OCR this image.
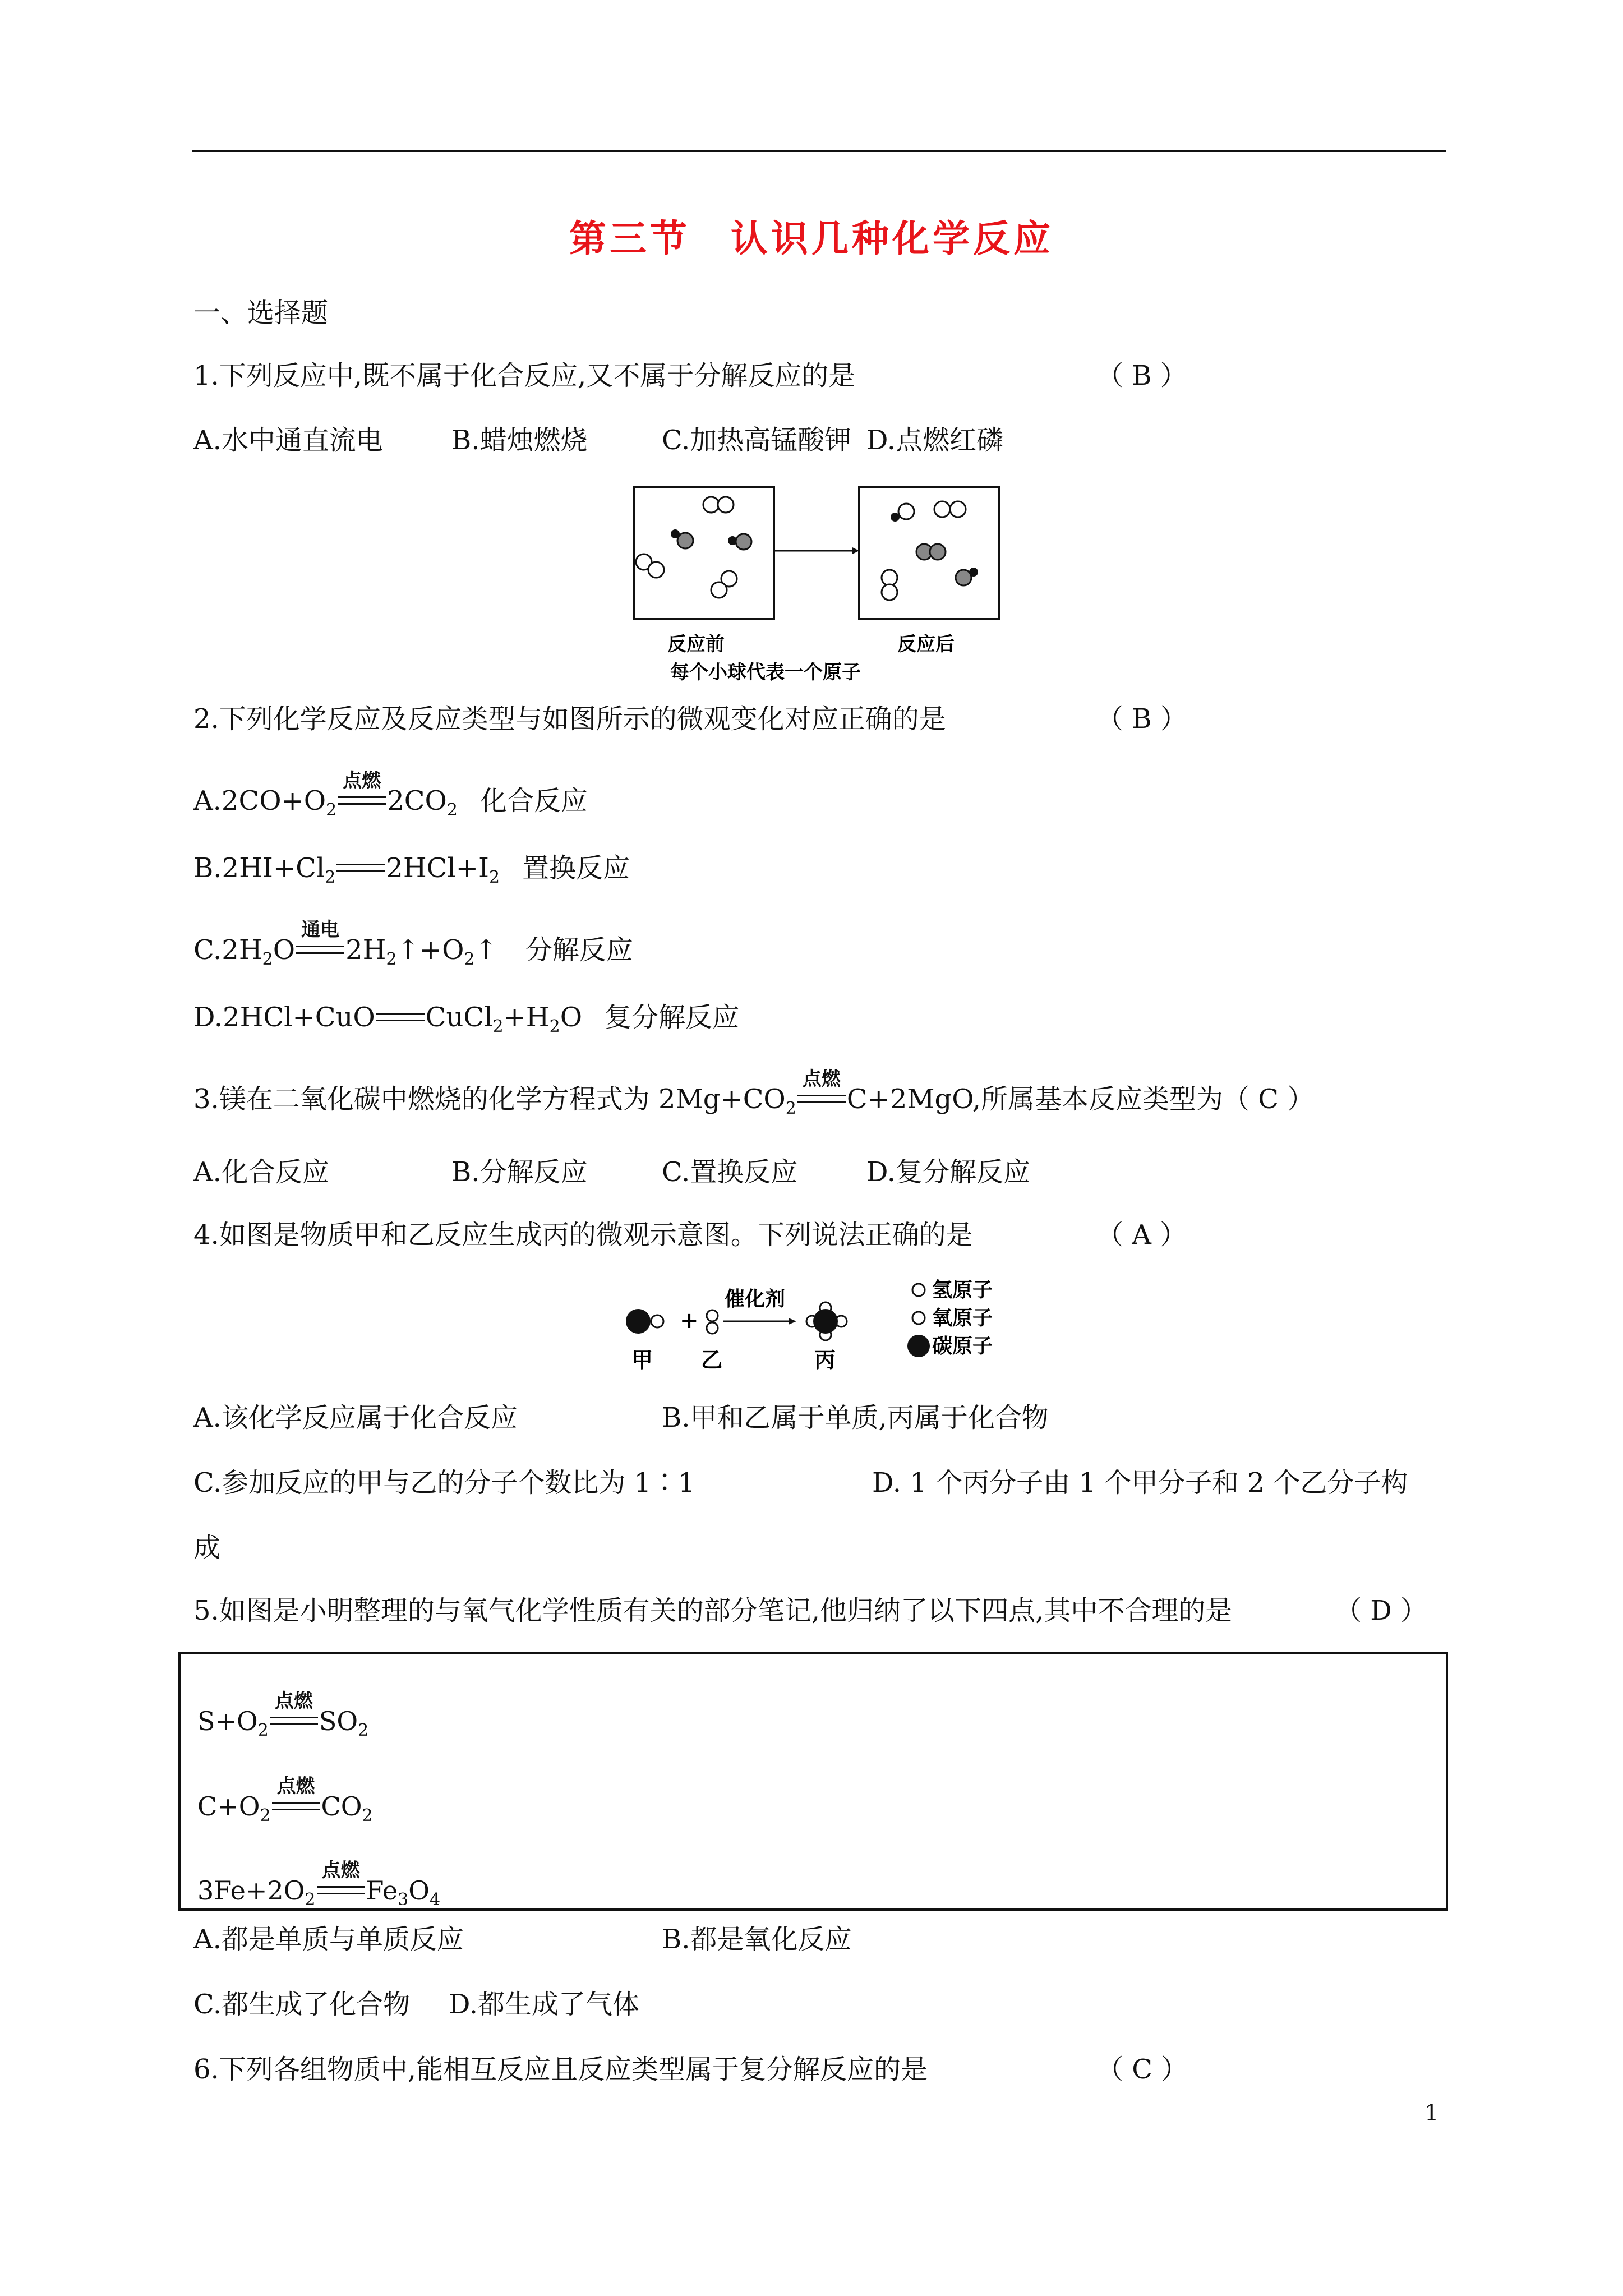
第三节　认识几种化学反应
一、选择题
1.下列反应中,既不属于化合反应,又不属于分解反应的是	（ B ）
A.水中通直流电	B.蜡烛燃烧	C.加热高锰酸钾 D.点燃红磷
反应前	反应后
每个小球代表一个原子
2.下列化学反应及反应类型与如图所示的微观变化对应正确的是	（ B ）
$A.2CO+O_2$
点燃
$2CO_2$ 化合反应
$B.2HI+Cl_2$ $2HCl+I_2$ 置换反应
$C.2H_2O$
通电
$2H_2↑+O_2↑$ 分解反应
D.2HCl+CuO $CuCl_2+H_2O$ 复分解反应
3.镁在二氧化碳中燃烧的化学方程式为 $2Mg+CO_2$
点燃
C+2MgO,所属基本反应类型为
（ C ）
A.化合反应	B.分解反应	C.置换反应	D.复分解反应
4.如图是物质甲和乙反应生成丙的微观示意图。下列说法正确的是	（ A ）
+
催化剂	氢原子
氧原子
碳原子
甲 乙	丙
A.该化学反应属于化合反应	B.甲和乙属于单质,丙属于化合物
C.参加反应的甲与乙的分子个数比为 1∶1	D. 1 个丙分子由 1 个甲分子和 2 个乙分子构
成
5.如图是小明整理的与氧气化学性质有关的部分笔记,他归纳了以下四点,其中不合理的是	（ D ）
$S+O_2$
点燃
$SO_2$
$C+O_2$
点燃
$CO_2$
$3Fe+2O_2$
点燃
$Fe_3O_4$
A.都是单质与单质反应	B.都是氧化反应
C.都生成了化合物 D.都生成了气体
6.下列各组物质中,能相互反应且反应类型属于复分解反应的是	（ C ）
1
